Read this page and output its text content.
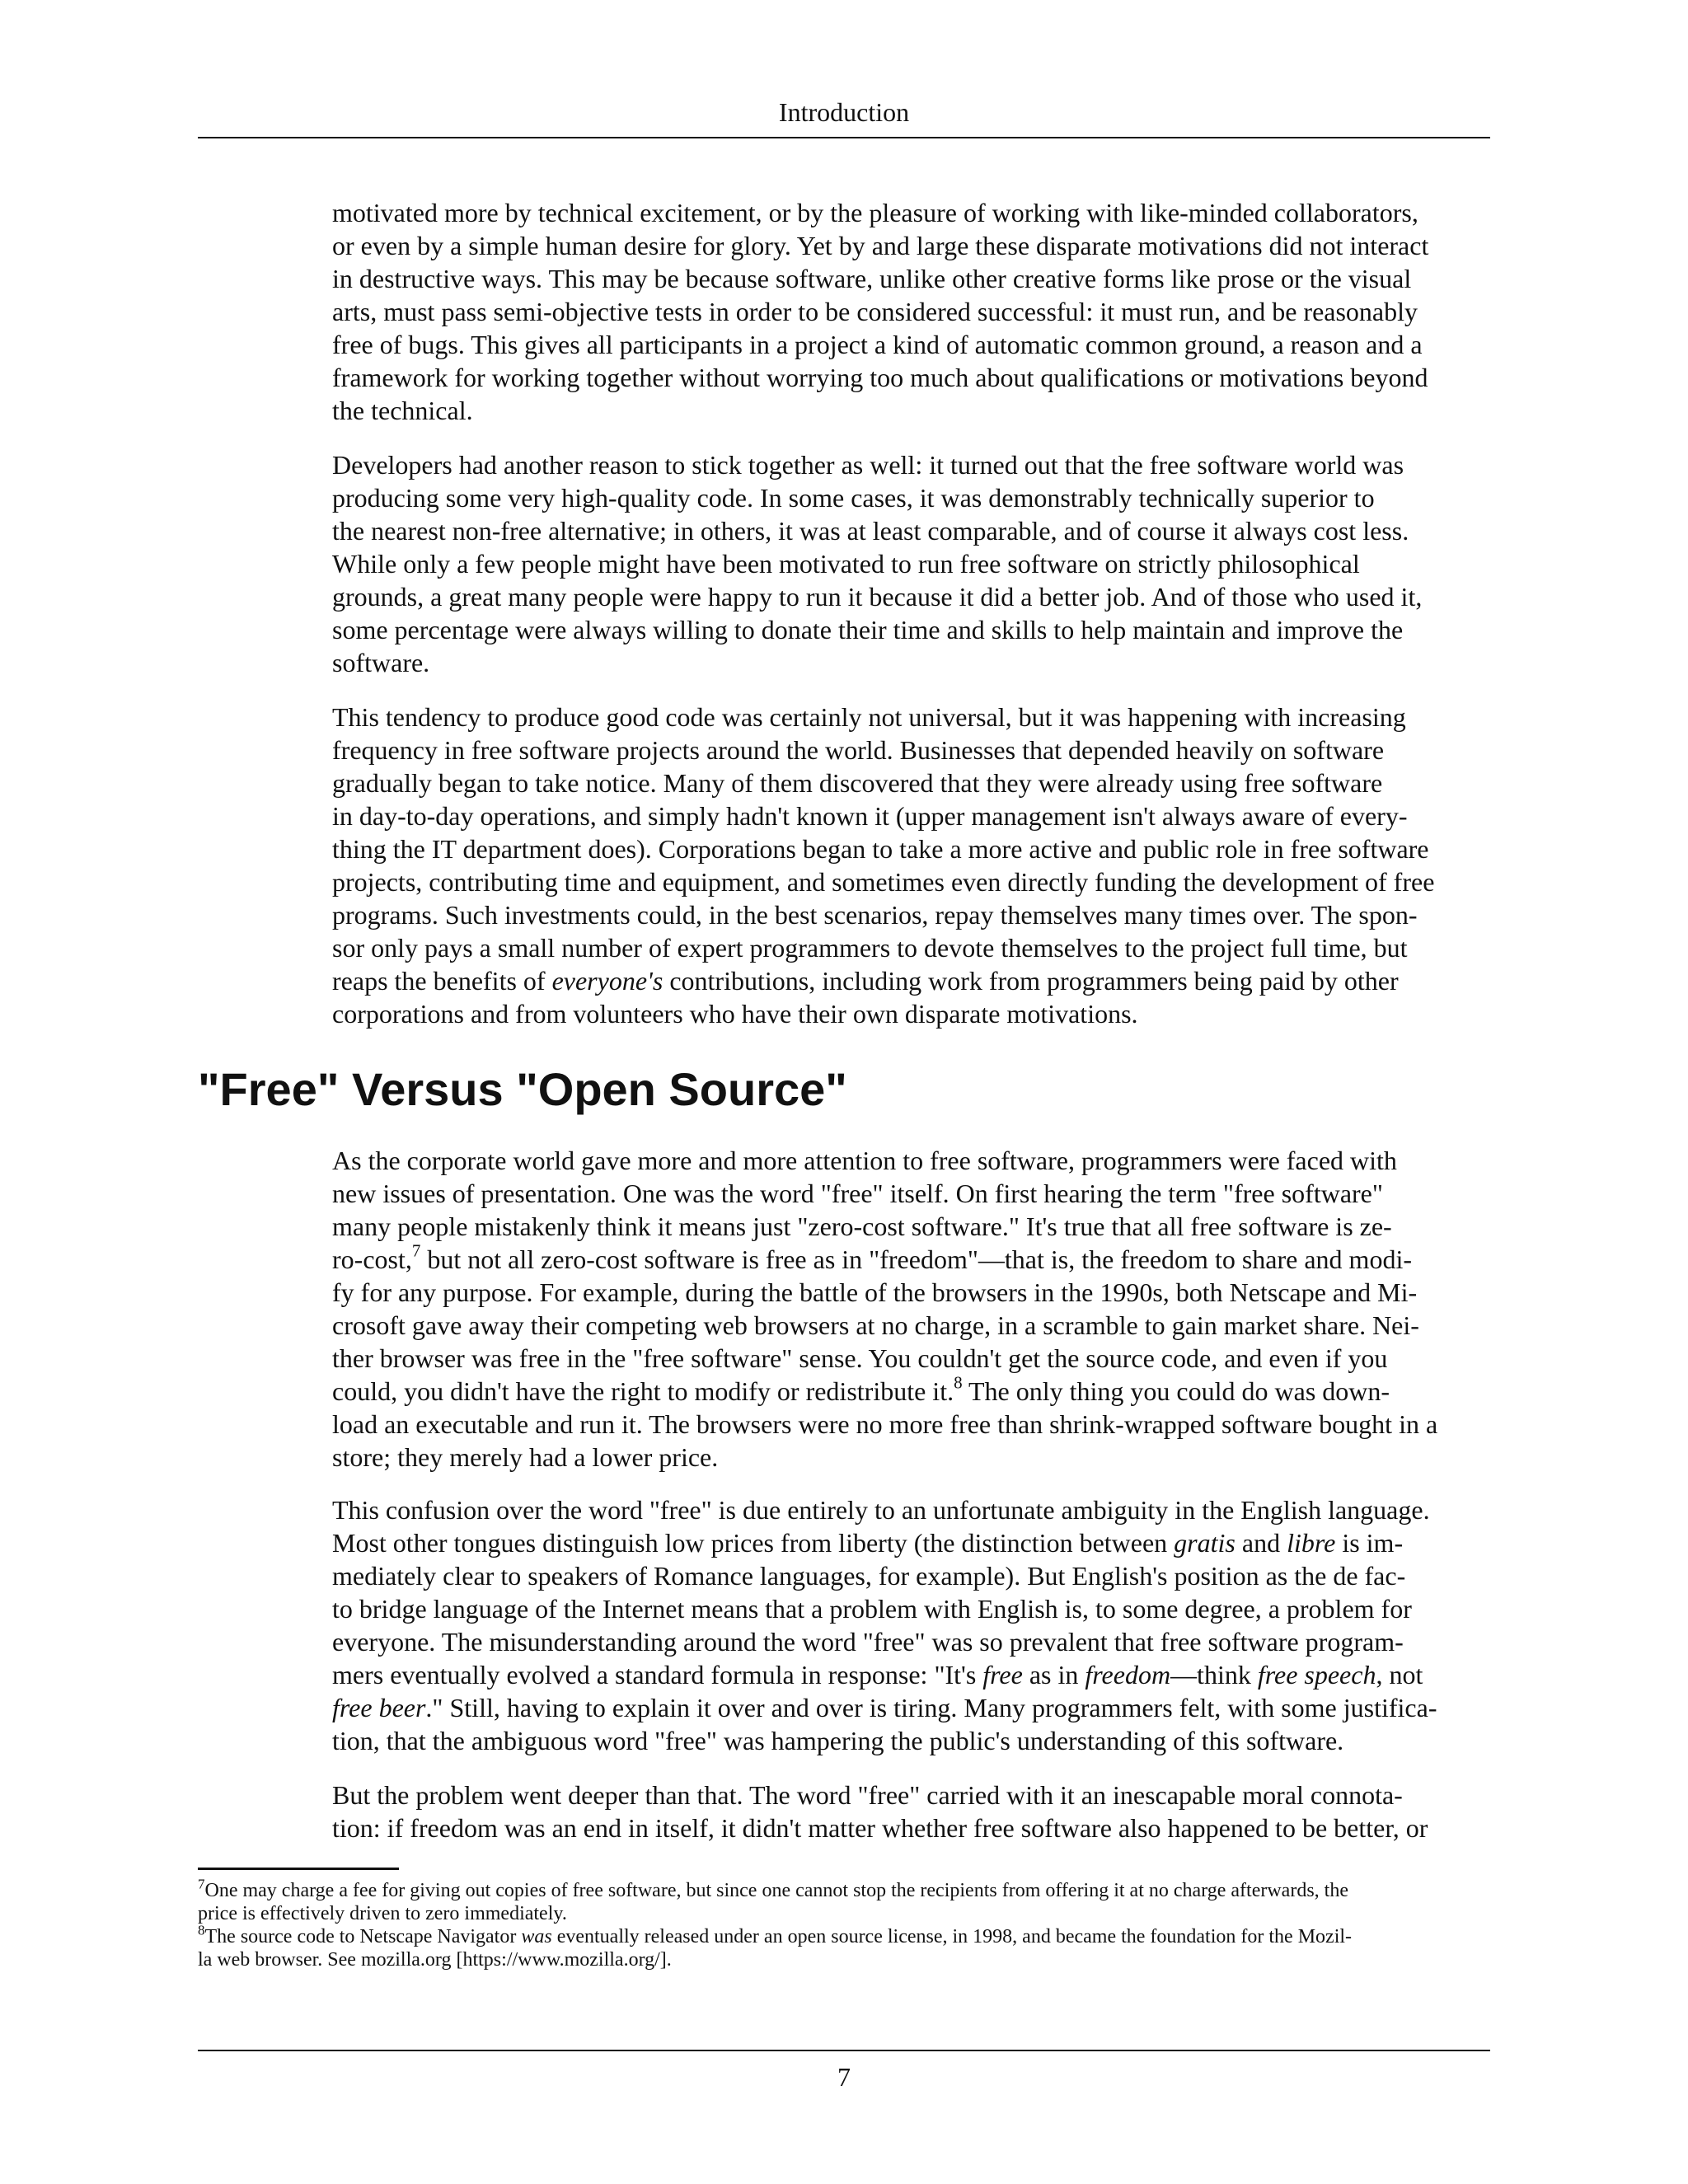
Introduction
motivated more by technical excitement, or by the pleasure of working with like-minded collaborators,
or even by a simple human desire for glory. Yet by and large these disparate motivations did not interact
in destructive ways. This may be because software, unlike other creative forms like prose or the visual
arts, must pass semi-objective tests in order to be considered successful: it must run, and be reasonably
free of bugs. This gives all participants in a project a kind of automatic common ground, a reason and a
framework for working together without worrying too much about qualifications or motivations beyond
the technical.
Developers had another reason to stick together as well: it turned out that the free software world was
producing some very high-quality code. In some cases, it was demonstrably technically superior to
the nearest non-free alternative; in others, it was at least comparable, and of course it always cost less.
While only a few people might have been motivated to run free software on strictly philosophical
grounds, a great many people were happy to run it because it did a better job. And of those who used it,
some percentage were always willing to donate their time and skills to help maintain and improve the
software.
This tendency to produce good code was certainly not universal, but it was happening with increasing
frequency in free software projects around the world. Businesses that depended heavily on software
gradually began to take notice. Many of them discovered that they were already using free software
in day-to-day operations, and simply hadn't known it (upper management isn't always aware of every-
thing the IT department does). Corporations began to take a more active and public role in free software
projects, contributing time and equipment, and sometimes even directly funding the development of free
programs. Such investments could, in the best scenarios, repay themselves many times over. The spon-
sor only pays a small number of expert programmers to devote themselves to the project full time, but
reaps the benefits of everyone's contributions, including work from programmers being paid by other
corporations and from volunteers who have their own disparate motivations.
"Free" Versus "Open Source"
As the corporate world gave more and more attention to free software, programmers were faced with
new issues of presentation. One was the word "free" itself. On first hearing the term "free software"
many people mistakenly think it means just "zero-cost software." It's true that all free software is ze-
ro-cost,$^7$ but not all zero-cost software is free as in "freedom"—that is, the freedom to share and modi-
fy for any purpose. For example, during the battle of the browsers in the 1990s, both Netscape and Mi-
crosoft gave away their competing web browsers at no charge, in a scramble to gain market share. Nei-
ther browser was free in the "free software" sense. You couldn't get the source code, and even if you
could, you didn't have the right to modify or redistribute it.$^8$ The only thing you could do was down-
load an executable and run it. The browsers were no more free than shrink-wrapped software bought in a
store; they merely had a lower price.
This confusion over the word "free" is due entirely to an unfortunate ambiguity in the English language.
Most other tongues distinguish low prices from liberty (the distinction between gratis and libre is im-
mediately clear to speakers of Romance languages, for example). But English's position as the de fac-
to bridge language of the Internet means that a problem with English is, to some degree, a problem for
everyone. The misunderstanding around the word "free" was so prevalent that free software program-
mers eventually evolved a standard formula in response: "It's free as in freedom—think free speech, not
free beer." Still, having to explain it over and over is tiring. Many programmers felt, with some justifica-
tion, that the ambiguous word "free" was hampering the public's understanding of this software.
But the problem went deeper than that. The word "free" carried with it an inescapable moral connota-
tion: if freedom was an end in itself, it didn't matter whether free software also happened to be better, or
$^7$One may charge a fee for giving out copies of free software, but since one cannot stop the recipients from offering it at no charge afterwards, the
price is effectively driven to zero immediately.
$^8$The source code to Netscape Navigator was eventually released under an open source license, in 1998, and became the foundation for the Mozil-
la web browser. See mozilla.org [https://www.mozilla.org/].
7
